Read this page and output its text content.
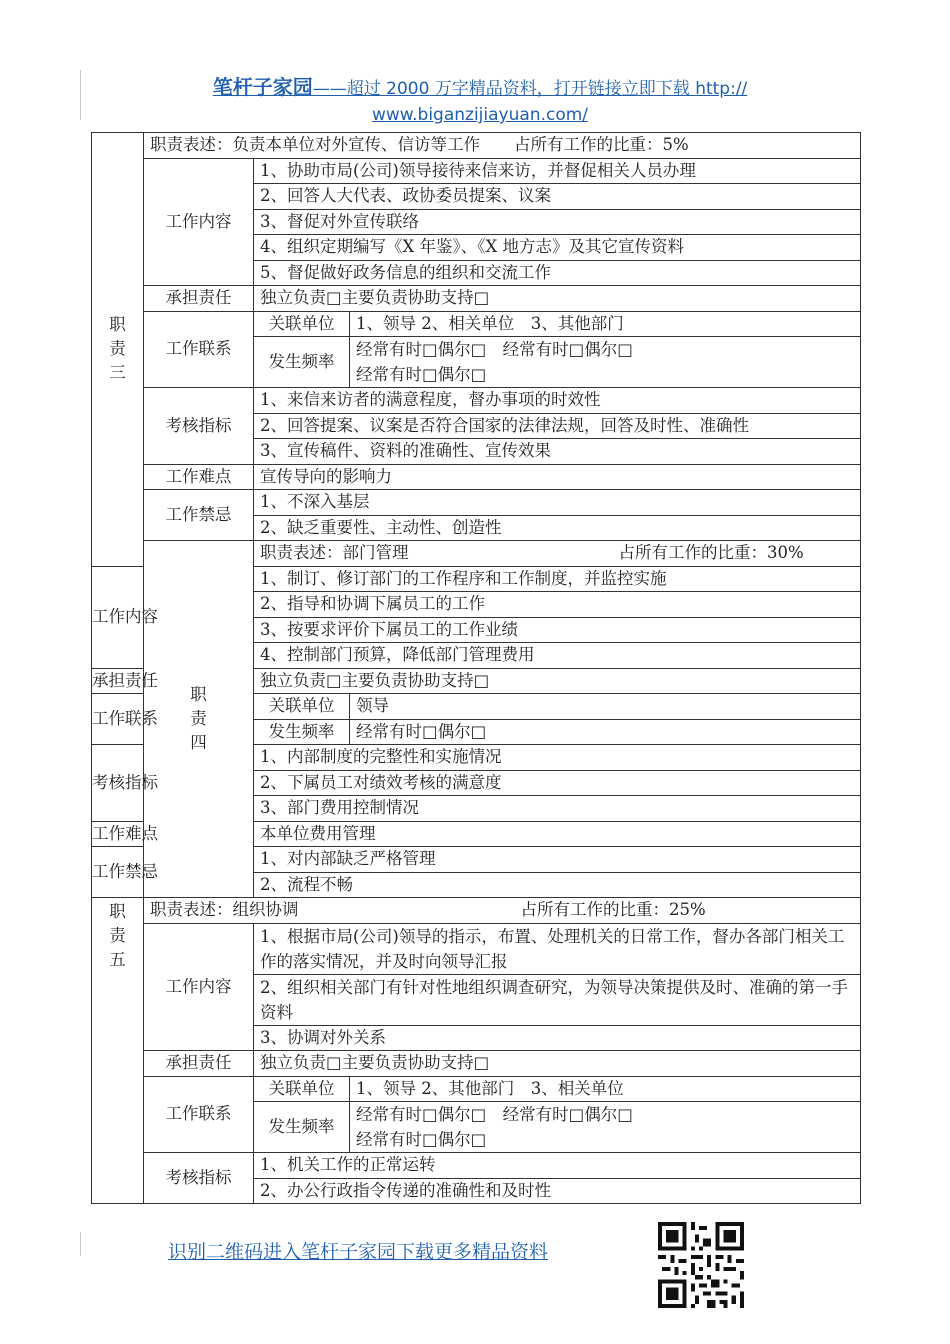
笔杆子家园——超过 2000 万字精品资料，打开链接立即下载 http://
www.biganzijiayuan.com/
职责三	职责表述：负责本单位对外宣传、信访等工作 占所有工作的比重：5%		
	工作内容	1、协助市局(公司)领导接待来信来访，并督促相关人员办理	
		2、回答人大代表、政协委员提案、议案	
		3、督促对外宣传联络	
		4、组织定期编写《X 年鉴》、《X 地方志》及其它宣传资料	
		5、督促做好政务信息的组织和交流工作	
	承担责任	独立负责□主要负责协助支持□	
	工作联系	关联单位	1、领导 2、相关单位　3、其他部门
		发生频率	经常有时□偶尔□　经常有时□偶尔□
经常有时□偶尔□
	考核指标	1、来信来访者的满意程度，督办事项的时效性	
		2、回答提案、议案是否符合国家的法律法规，回答及时性、准确性	
		3、宣传稿件、资料的准确性、宣传效果	
	工作难点	宣传导向的影响力	
	工作禁忌	1、不深入基层	
		2、缺乏重要性、主动性、创造性	
	职责四	职责表述：部门管理 占所有工作的比重：30%	
工作内容		1、制订、修订部门的工作程序和工作制度，并监控实施	
		2、指导和协调下属员工的工作	
		3、按要求评价下属员工的工作业绩	
		4、控制部门预算，降低部门管理费用	
承担责任		独立负责□主要负责协助支持□	
工作联系		关联单位	领导
		发生频率	经常有时□偶尔□
考核指标		1、内部制度的完整性和实施情况	
		2、下属员工对绩效考核的满意度	
		3、部门费用控制情况	
工作难点		本单位费用管理	
工作禁忌		1、对内部缺乏严格管理	
		2、流程不畅	
职责五	职责表述：组织协调 占所有工作的比重：25%		
	工作内容	1、根据市局(公司)领导的指示，布置、处理机关的日常工作，督办各部门相关工作的落实情况，并及时向领导汇报	
		2、组织相关部门有针对性地组织调查研究，为领导决策提供及时、准确的第一手资料	
		3、协调对外关系	
	承担责任	独立负责□主要负责协助支持□	
	工作联系	关联单位	1、领导 2、其他部门　3、相关单位
		发生频率	经常有时□偶尔□　经常有时□偶尔□
经常有时□偶尔□
	考核指标	1、机关工作的正常运转	
		2、办公行政指令传递的准确性和及时性	
识别二维码进入笔杆子家园下载更多精品资料
